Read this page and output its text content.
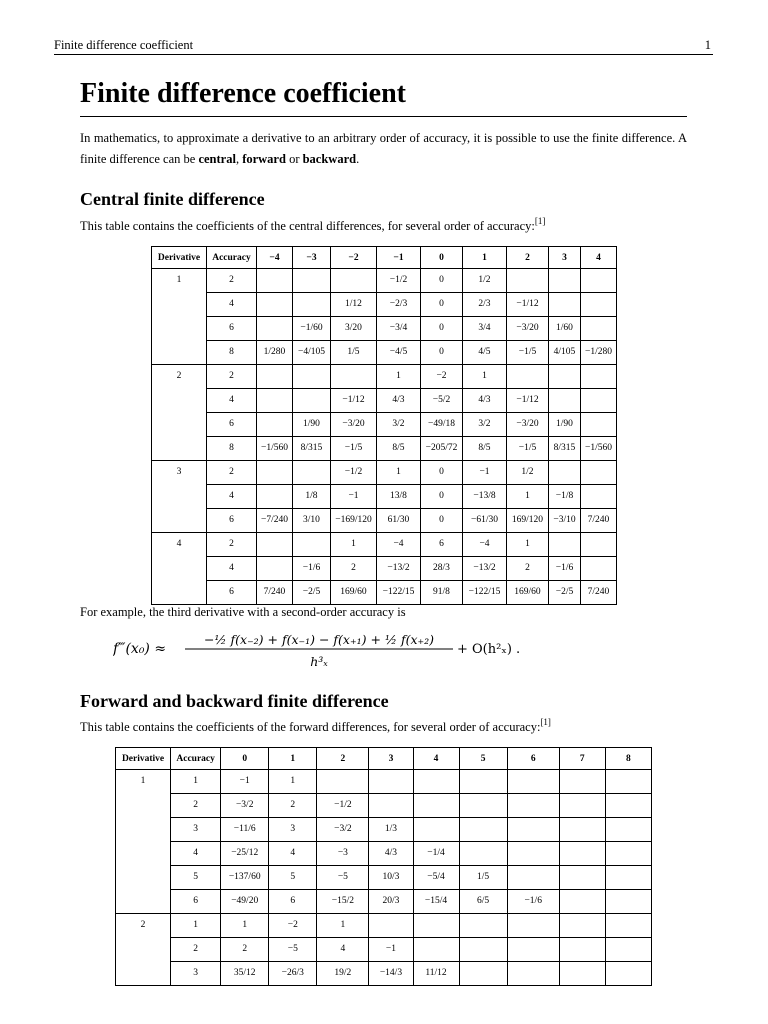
Finite difference coefficient	1
Finite difference coefficient

In mathematics, to approximate a derivative to an arbitrary order of accuracy, it is possible to use the finite difference. A finite difference can be central, forward or backward.

Central finite difference

This table contains the coefficients of the central differences, for several order of accuracy:[1]

Derivative	Accuracy	−4	−3	−2	−1	0	1	2	3	4
1	2				−1/2	0	1/2			
	4			1/12	−2/3	0	2/3	−1/12		
	6		−1/60	3/20	−3/4	0	3/4	−3/20	1/60	
	8	1/280	−4/105	1/5	−4/5	0	4/5	−1/5	4/105	−1/280
2	2				1	−2	1			
	4			−1/12	4/3	−5/2	4/3	−1/12		
	6		1/90	−3/20	3/2	−49/18	3/2	−3/20	1/90	
	8	−1/560	8/315	−1/5	8/5	−205/72	8/5	−1/5	8/315	−1/560
3	2			−1/2	1	0	−1	1/2		
	4		1/8	−1	13/8	0	−13/8	1	−1/8	
	6	−7/240	3/10	−169/120	61/30	0	−61/30	169/120	−3/10	7/240
4	2			1	−4	6	−4	1		
	4		−1/6	2	−13/2	28/3	−13/2	2	−1/6	
	6	7/240	−2/5	169/60	−122/15	91/8	−122/15	169/60	−2/5	7/240

For example, the third derivative with a second-order accuracy is

f‴(x₀) ≈
−½ f(x₋₂) + f(x₋₁) − f(x₊₁) + ½ f(x₊₂)
h³ₓ
+ O(h²ₓ) .
Forward and backward finite difference

This table contains the coefficients of the forward differences, for several order of accuracy:[1]

Derivative	Accuracy	0	1	2	3	4	5	6	7	8
1	1	−1	1							
	2	−3/2	2	−1/2						
	3	−11/6	3	−3/2	1/3					
	4	−25/12	4	−3	4/3	−1/4				
	5	−137/60	5	−5	10/3	−5/4	1/5			
	6	−49/20	6	−15/2	20/3	−15/4	6/5	−1/6		
2	1	1	−2	1						
	2	2	−5	4	−1					
	3	35/12	−26/3	19/2	−14/3	11/12				
